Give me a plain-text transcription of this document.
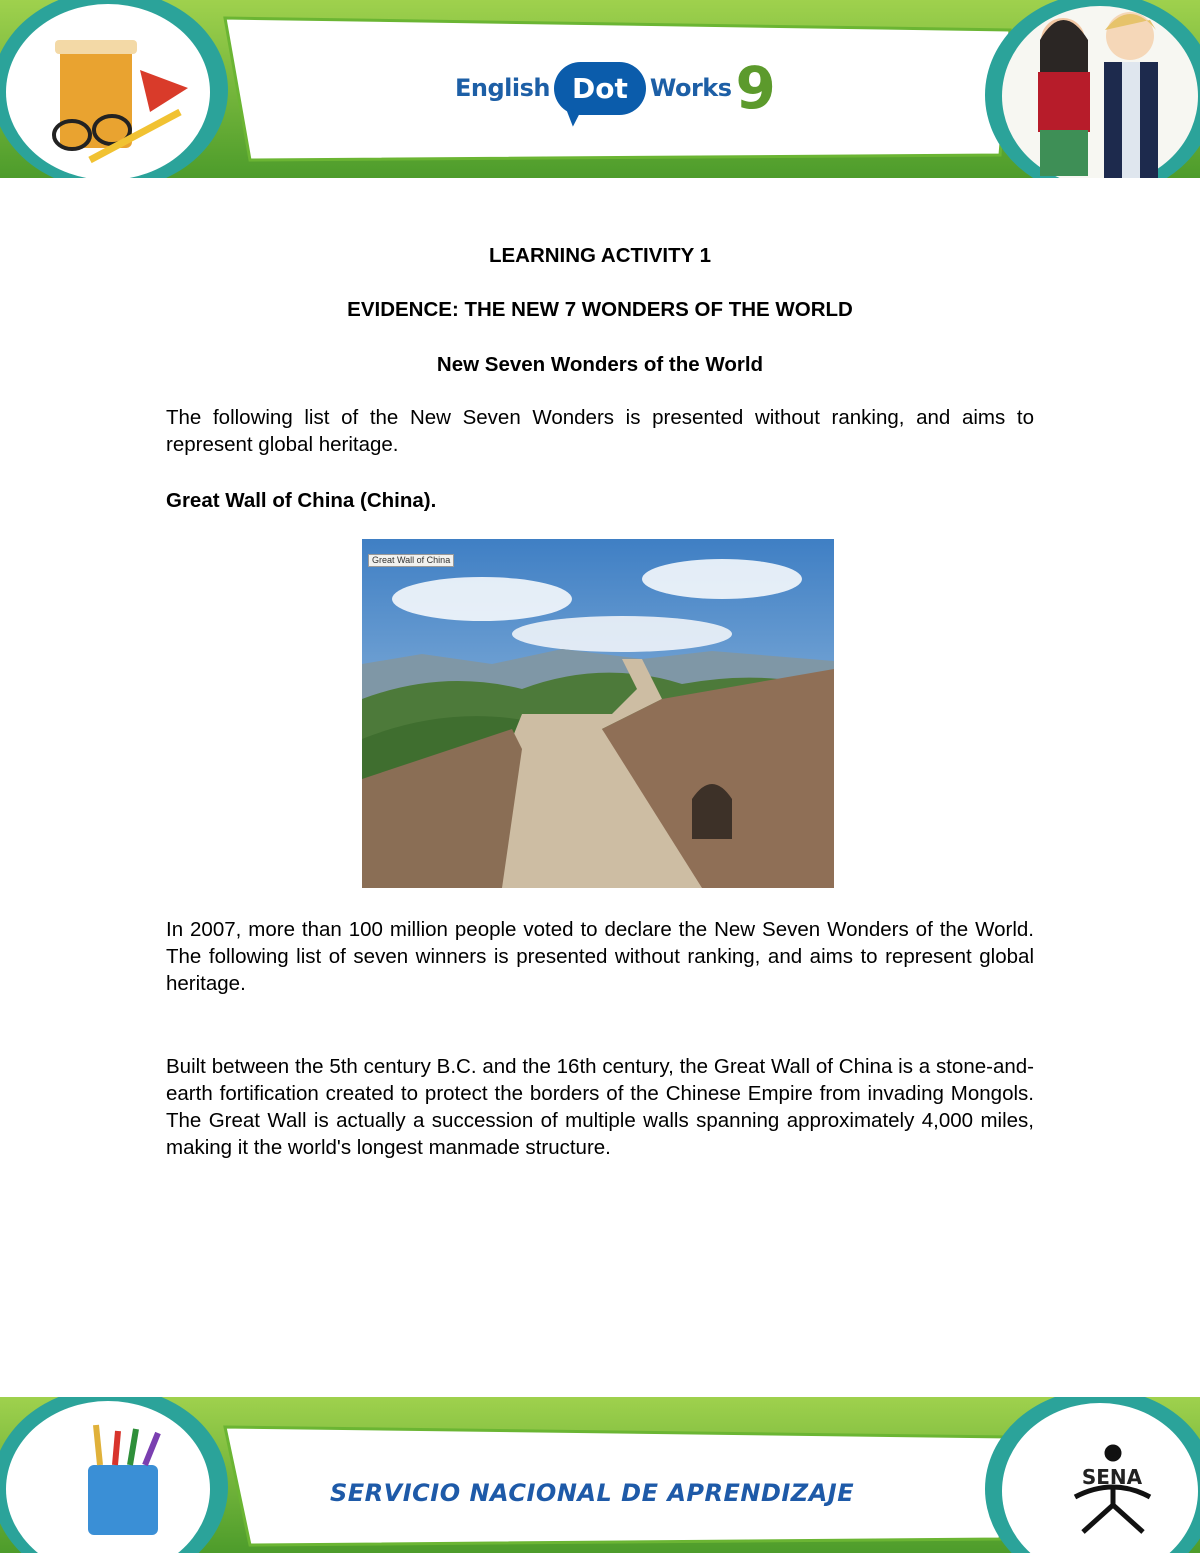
English Dot Works 9
LEARNING ACTIVITY 1
EVIDENCE: THE NEW 7 WONDERS OF THE WORLD
New Seven Wonders of the World
The following list of the New Seven Wonders is presented without ranking, and aims to represent global heritage.
Great Wall of China (China).
Great Wall of China
In 2007, more than 100 million people voted to declare the New Seven Wonders of the World. The following list of seven winners is presented without ranking, and aims to represent global heritage.
Built between the 5th century B.C. and the 16th century, the Great Wall of China is a stone-and-earth fortification created to protect the borders of the Chinese Empire from invading Mongols. The Great Wall is actually a succession of multiple walls spanning approximately 4,000 miles, making it the world's longest manmade structure.
SERVICIO NACIONAL DE APRENDIZAJE
SENA
